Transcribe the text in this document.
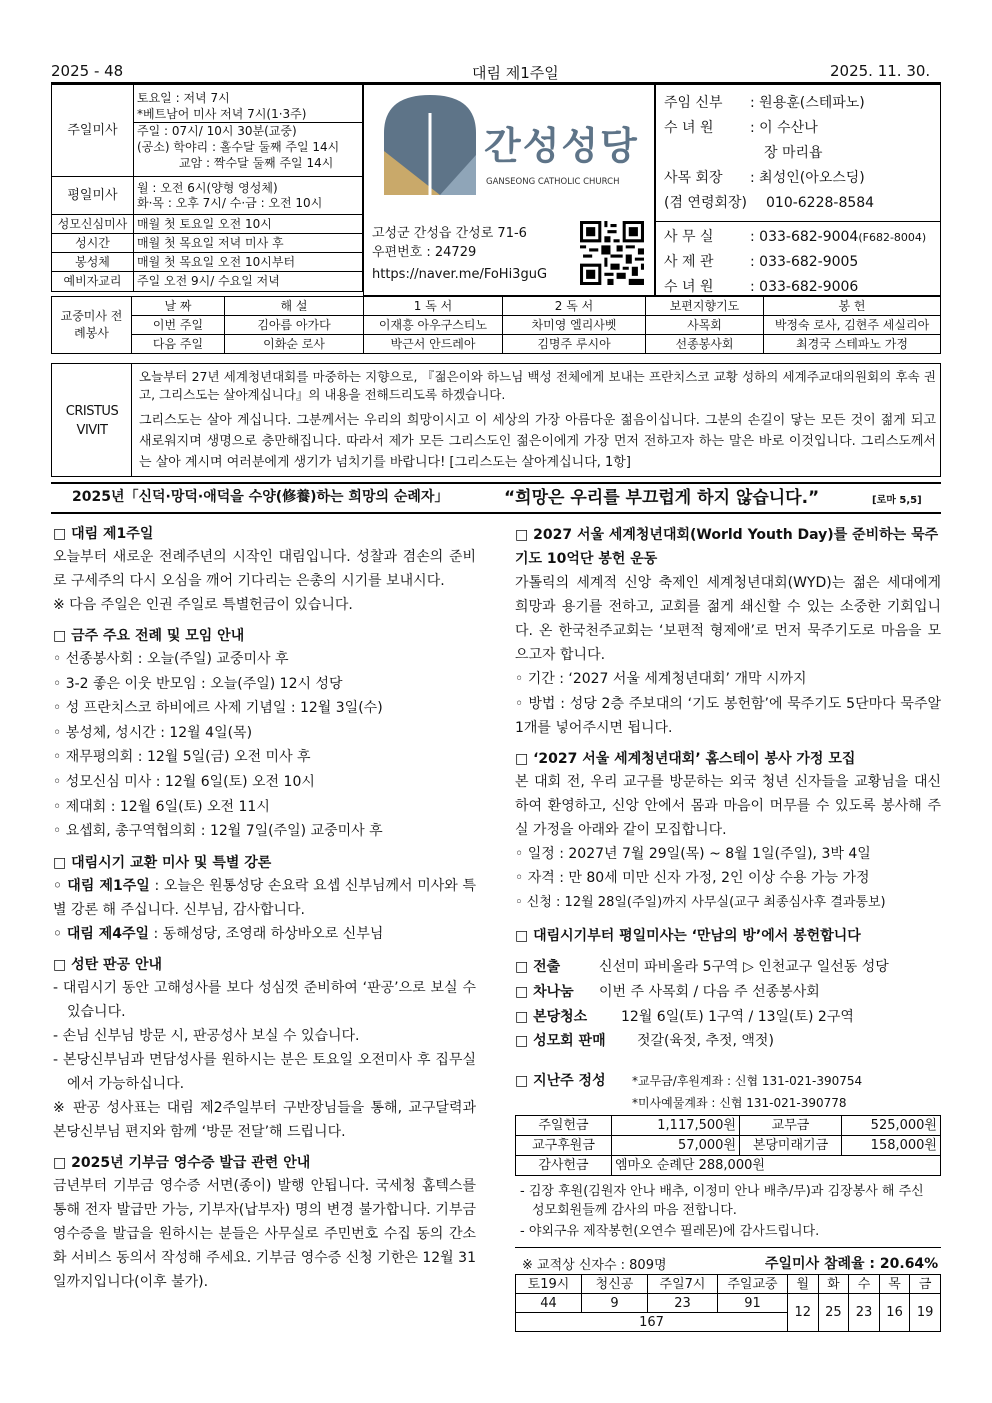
2025 - 48	대림 제1주일	2025. 11. 30.
주일미사	토요일 : 저녁 7시
*베트남어 미사 저녁 7시(1·3주)
주일 : 07시/ 10시 30분(교중)
(공소) 학야리 : 홀수달 둘째 주일 14시
교암 : 짝수달 둘째 주일 14시

평일미사	월 : 오전 6시(양형 영성체)
화·목 : 오후 7시/ 수·금 : 오전 10시

성모신심미사	매월 첫 토요일 오전 10시
성시간	매월 첫 목요일 저녁 미사 후
봉성체	매월 첫 목요일 오전 10시부터
예비자교리	주일 오전 9시/ 수요일 저녁
간성성당
GANSEONG CATHOLIC CHURCH
고성군 간성읍 간성로 71-6
우편번호 : 24729
https://naver.me/FoHi3guG
주임 신부 : 원용훈(스테파노)
수 녀 원	: 이 수산나
장 마리욥
사목 회장 : 최성인(아오스딩)
(겸 연령회장) 010-6228-8584
사 무 실	: 033-682-9004(F682-8004)
사 제 관	: 033-682-9005
수 녀 원	: 033-682-9006
교중미사 전례봉사	날 짜	해 설	1 독 서	2 독 서	보편지향기도	봉 헌
	이번 주일	김아름 아가다	이재흥 아우구스티노	차미영 엘리사벳	사목회	박정숙 로사, 김현주 세실리아
	다음 주일	이화순 로사	박근서 안드레아	김명주 루시아	선종봉사회	최경국 스테파노 가정
CRISTUS
VIVIT
오늘부터 27년 세계청년대회를 마중하는 지향으로, 『젊은이와 하느님 백성 전체에게 보내는 프란치스코 교황 성하의 세계주교대의원회의 후속 권고, 그리스도는 살아계십니다』의 내용을 전해드리도록 하겠습니다.
그리스도는 살아 계십니다. 그분께서는 우리의 희망이시고 이 세상의 가장 아름다운 젊음이십니다. 그분의 손길이 닿는 모든 것이 젊게 되고 새로워지며 생명으로 충만해집니다. 따라서 제가 모든 그리스도인 젊은이에게 가장 먼저 전하고자 하는 말은 바로 이것입니다. 그리스도께서는 살아 계시며 여러분에게 생기가 넘치기를 바랍니다! [그리스도는 살아계십니다, 1항]
2025년「신덕·망덕·애덕을 수양(修養)하는 희망의 순례자」	“희망은 우리를 부끄럽게 하지 않습니다.”	[로마 5,5]
□ 대림 제1주일
오늘부터 새로운 전례주년의 시작인 대림입니다. 성찰과 겸손의 준비로 구세주의 다시 오심을 깨어 기다리는 은총의 시기를 보내시다.
※ 다음 주일은 인권 주일로 특별헌금이 있습니다.
□ 금주 주요 전례 및 모임 안내
◦ 선종봉사회 : 오늘(주일) 교중미사 후
◦ 3-2 좋은 이웃 반모임 : 오늘(주일) 12시 성당
◦ 성 프란치스코 하비에르 사제 기념일 : 12월 3일(수)
◦ 봉성체, 성시간 : 12월 4일(목)
◦ 재무평의회 : 12월 5일(금) 오전 미사 후
◦ 성모신심 미사 : 12월 6일(토) 오전 10시
◦ 제대회 : 12월 6일(토) 오전 11시
◦ 요셉회, 총구역협의회 : 12월 7일(주일) 교중미사 후
□ 대림시기 교환 미사 및 특별 강론
◦ 대림 제1주일 : 오늘은 원통성당 손요락 요셉 신부님께서 미사와 특별 강론 해 주십니다. 신부님, 감사합니다.
◦ 대림 제4주일 : 동해성당, 조영래 하상바오로 신부님
□ 성탄 판공 안내
- 대림시기 동안 고해성사를 보다 성심껏 준비하여 ‘판공’으로 보실 수 있습니다.
- 손님 신부님 방문 시, 판공성사 보실 수 있습니다.
- 본당신부님과 면담성사를 원하시는 분은 토요일 오전미사 후 집무실에서 가능하십니다.
※ 판공 성사표는 대림 제2주일부터 구반장님들을 통해, 교구달력과 본당신부님 편지와 함께 ‘방문 전달’해 드립니다.
□ 2025년 기부금 영수증 발급 관련 안내
금년부터 기부금 영수증 서면(종이) 발행 안됩니다. 국세청 홈텍스를 통해 전자 발급만 가능, 기부자(납부자) 명의 변경 불가합니다. 기부금 영수증을 발급을 원하시는 분들은 사무실로 주민번호 수집 동의 간소화 서비스 동의서 작성해 주세요. 기부금 영수증 신청 기한은 12월 31일까지입니다(이후 불가).
□ 2027 서울 세계청년대회(World Youth Day)를 준비하는 묵주기도 10억단 봉헌 운동
가톨릭의 세계적 신앙 축제인 세계청년대회(WYD)는 젊은 세대에게 희망과 용기를 전하고, 교회를 젊게 쇄신할 수 있는 소중한 기회입니다. 온 한국천주교회는 ‘보편적 형제애’로 먼저 묵주기도로 마음을 모으고자 합니다.
◦ 기간 : ‘2027 서울 세계청년대회’ 개막 시까지
◦ 방법 : 성당 2층 주보대의 ‘기도 봉헌함’에 묵주기도 5단마다 묵주알 1개를 넣어주시면 됩니다.
□ ‘2027 서울 세계청년대회’ 홈스테이 봉사 가정 모집
본 대회 전, 우리 교구를 방문하는 외국 청년 신자들을 교황님을 대신하여 환영하고, 신앙 안에서 몸과 마음이 머무를 수 있도록 봉사해 주실 가정을 아래와 같이 모집합니다.
◦ 일정 : 2027년 7월 29일(목) ~ 8월 1일(주일), 3박 4일
◦ 자격 : 만 80세 미만 신자 가정, 2인 이상 수용 가능 가정
◦ 신청 : 12월 28일(주일)까지 사무실(교구 최종심사후 결과통보)
□ 대림시기부터 평일미사는 ‘만남의 방’에서 봉헌합니다
□ 전출	신선미 파비올라 5구역 ▷ 인천교구 일선동 성당
□ 차나눔 이번 주 사목회 / 다음 주 선종봉사회
□ 본당청소 12월 6일(토) 1구역 / 13일(토) 2구역
□ 성모회 판매 젓갈(육젓, 추젓, 액젓)
□ 지난주 정성 *교무금/후원계좌 : 신협 131-021-390754
*미사예물계좌 : 신협 131-021-390778
주일헌금	1,117,500원	교무금	525,000원
교구후원금	57,000원	본당미래기금	158,000원
감사헌금	엠마오 순례단 288,000원		
- 김장 후원(김원자 안나 배추, 이정미 안나 배추/무)과 김장봉사 해 주신 성모회원들께 감사의 마음 전합니다.
- 야외구유 제작봉헌(오연수 필레몬)에 감사드립니다.
※ 교적상 신자수 : 809명	주일미사 참례율 : 20.64%
토19시	청신공	주일7시	주일교중	월	화	수	목	금
44	9	23	91	12	25	23	16	19
167								
